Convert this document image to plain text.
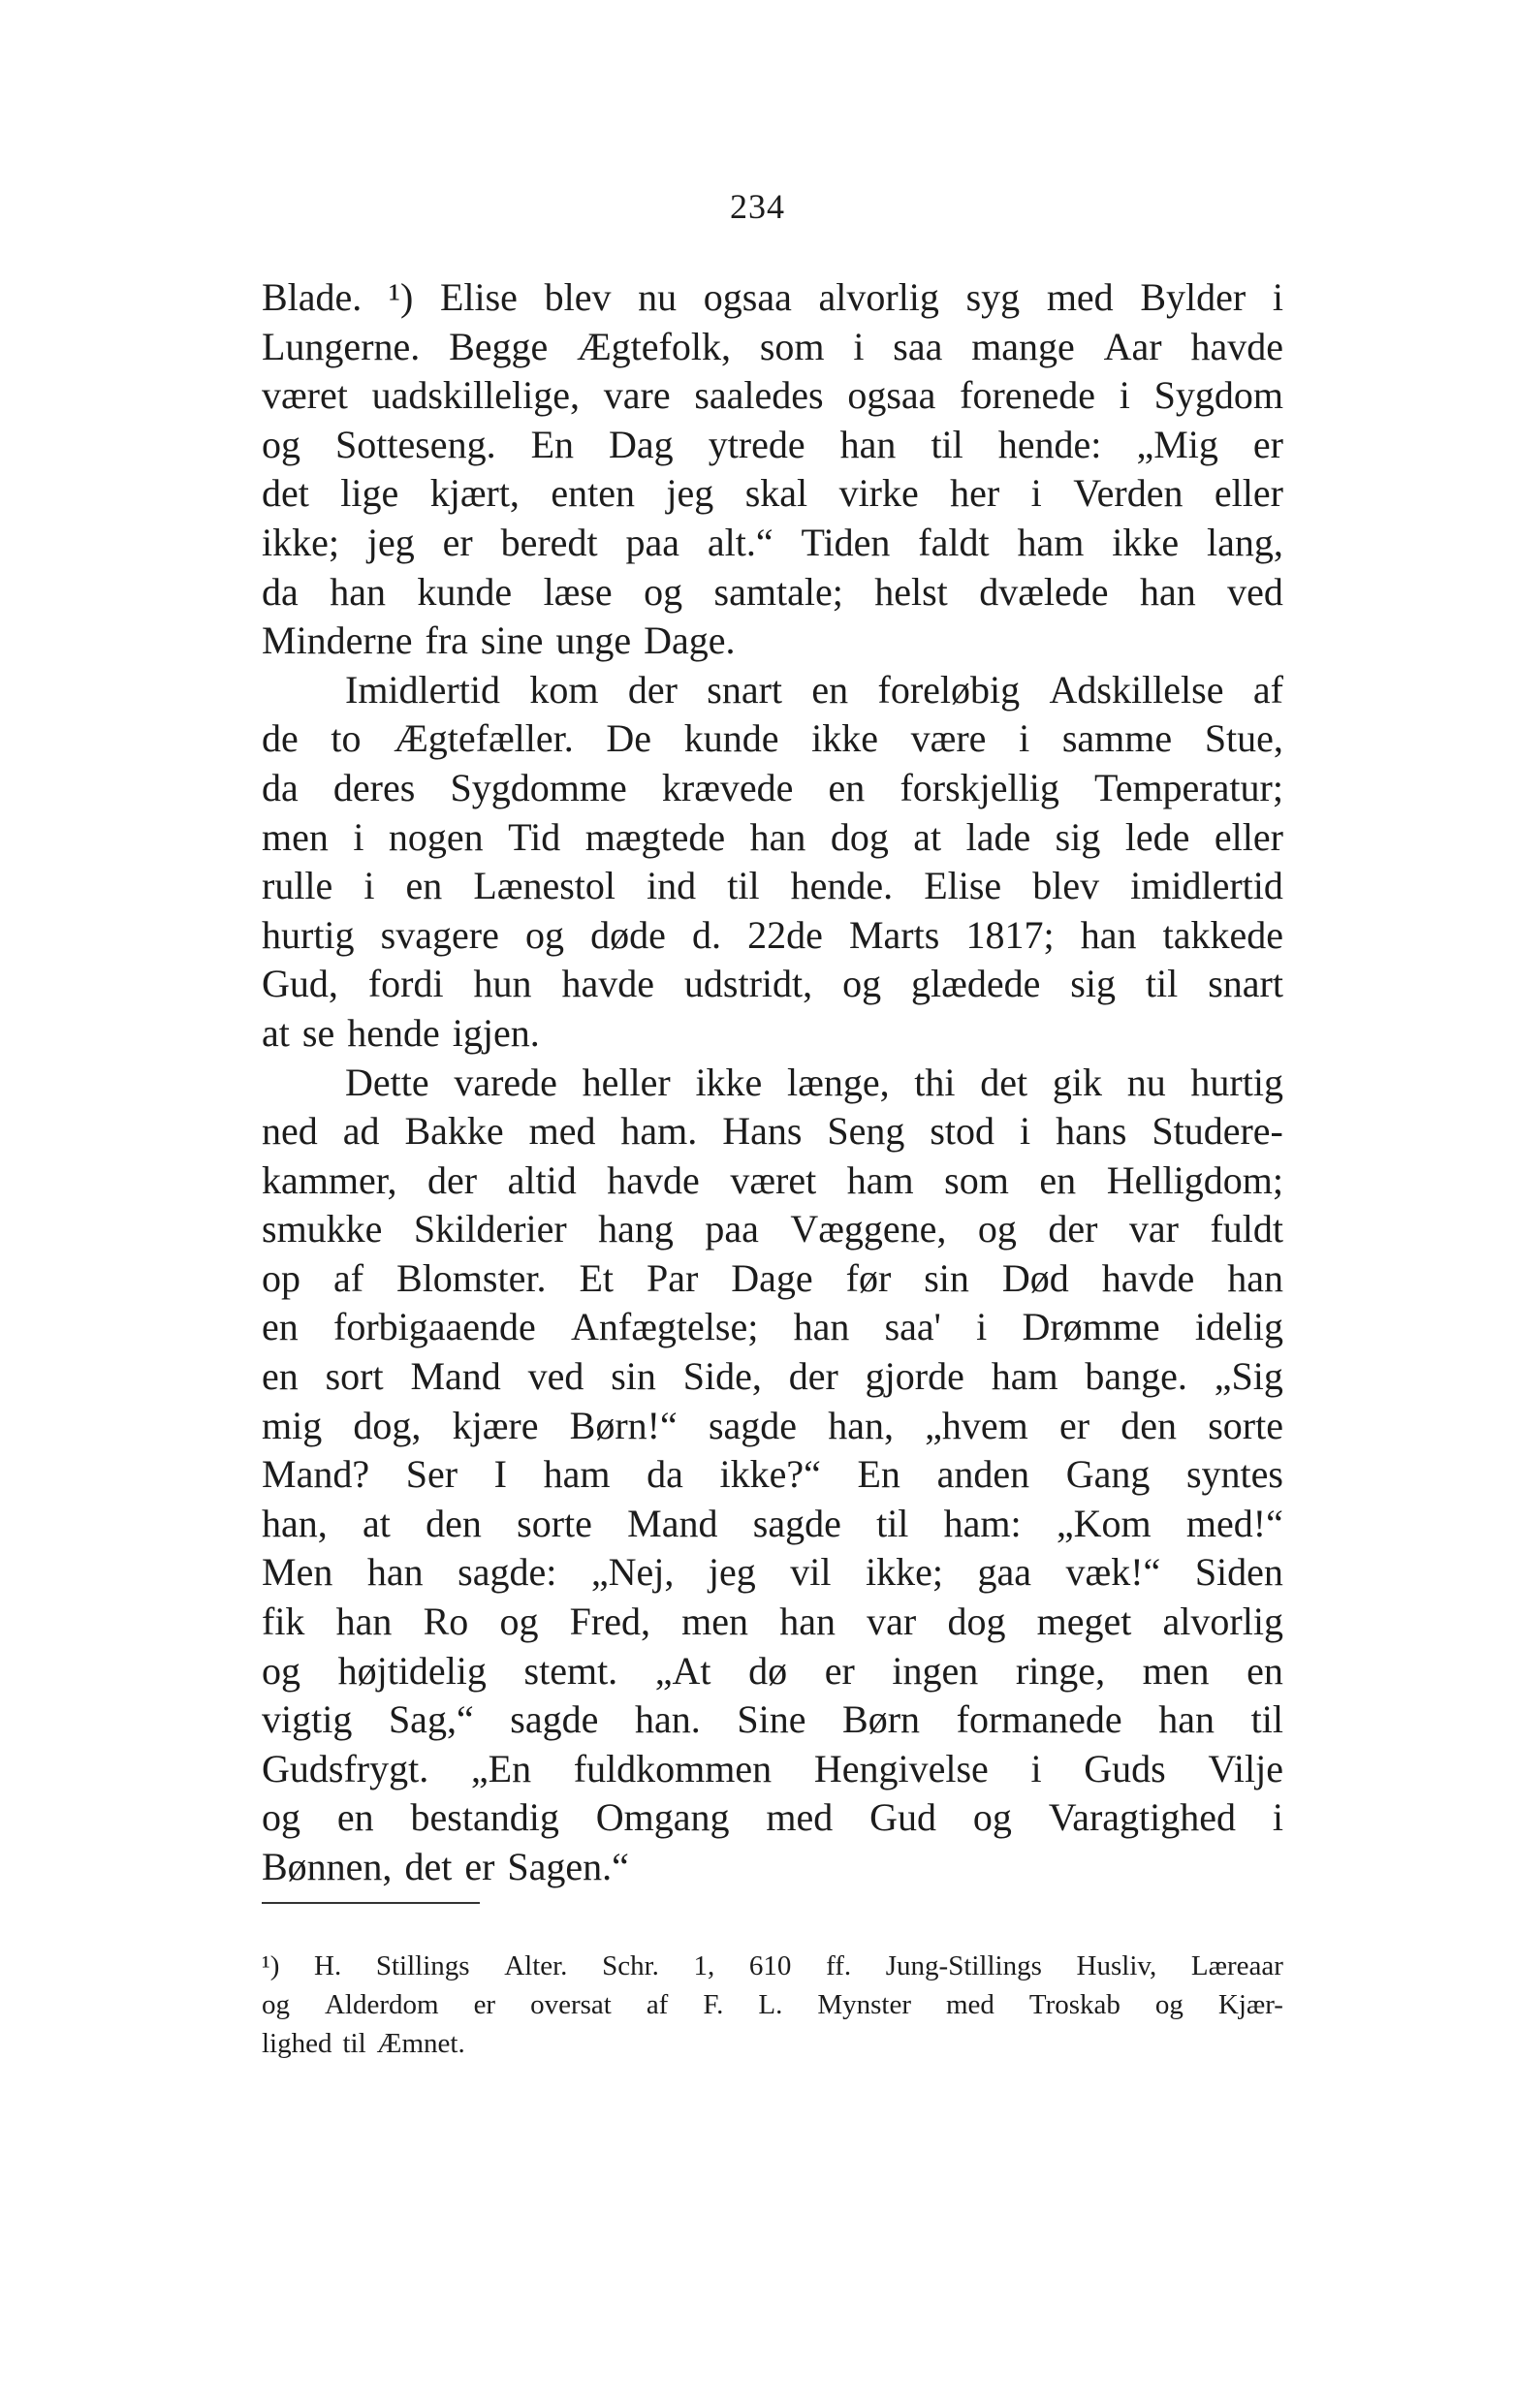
234
Blade. ¹) Elise blev nu ogsaa alvorlig syg med Bylder i
Lungerne. Begge Ægtefolk, som i saa mange Aar havde
været uadskillelige, vare saaledes ogsaa forenede i Sygdom
og Sotteseng. En Dag ytrede han til hende: „Mig er
det lige kjært, enten jeg skal virke her i Verden eller
ikke; jeg er beredt paa alt.“ Tiden faldt ham ikke lang,
da han kunde læse og samtale; helst dvælede han ved
Minderne fra sine unge Dage.
Imidlertid kom der snart en foreløbig Adskillelse af
de to Ægtefæller. De kunde ikke være i samme Stue,
da deres Sygdomme krævede en forskjellig Temperatur;
men i nogen Tid mægtede han dog at lade sig lede eller
rulle i en Lænestol ind til hende. Elise blev imidlertid
hurtig svagere og døde d. 22de Marts 1817; han takkede
Gud, fordi hun havde udstridt, og glædede sig til snart
at se hende igjen.
Dette varede heller ikke længe, thi det gik nu hurtig
ned ad Bakke med ham. Hans Seng stod i hans Studere-
kammer, der altid havde været ham som en Helligdom;
smukke Skilderier hang paa Væggene, og der var fuldt
op af Blomster. Et Par Dage før sin Død havde han
en forbigaaende Anfægtelse; han saa' i Drømme idelig
en sort Mand ved sin Side, der gjorde ham bange. „Sig
mig dog, kjære Børn!“ sagde han, „hvem er den sorte
Mand? Ser I ham da ikke?“ En anden Gang syntes
han, at den sorte Mand sagde til ham: „Kom med!“
Men han sagde: „Nej, jeg vil ikke; gaa væk!“ Siden
fik han Ro og Fred, men han var dog meget alvorlig
og højtidelig stemt. „At dø er ingen ringe, men en
vigtig Sag,“ sagde han. Sine Børn formanede han til
Gudsfrygt. „En fuldkommen Hengivelse i Guds Vilje
og en bestandig Omgang med Gud og Varagtighed i
Bønnen, det er Sagen.“
¹) H. Stillings Alter. Schr. 1, 610 ff. Jung-Stillings Husliv, Læreaar
og Alderdom er oversat af F. L. Mynster med Troskab og Kjær-
lighed til Æmnet.
